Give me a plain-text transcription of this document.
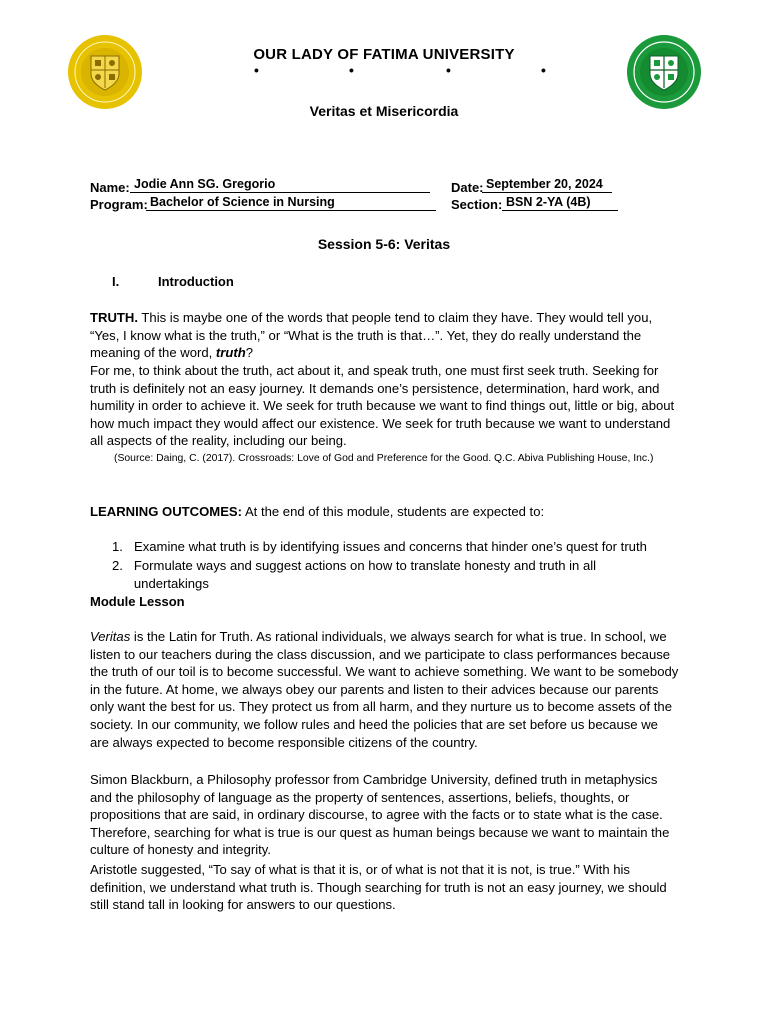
OUR LADY OF FATIMA UNIVERSITY
•	•	•	•
Veritas et Misericordia
Name: Jodie Ann SG. Gregorio	Date: September 20, 2024
Program: Bachelor of Science in Nursing	Section: BSN 2-YA (4B)
Session 5-6: Veritas
I.	Introduction
TRUTH. This is maybe one of the words that people tend to claim they have. They would tell you, “Yes, I know what is the truth,” or “What is the truth is that…”. Yet, they do really understand the meaning of the word, truth?
For me, to think about the truth, act about it, and speak truth, one must first seek truth. Seeking for truth is definitely not an easy journey. It demands one’s persistence, determination, hard work, and humility in order to achieve it. We seek for truth because we want to find things out, little or big, about how much impact they would affect our existence. We seek for truth because we want to understand all aspects of the reality, including our being.
(Source: Daing, C. (2017). Crossroads: Love of God and Preference for the Good. Q.C. Abiva Publishing House, Inc.)
LEARNING OUTCOMES: At the end of this module, students are expected to:
1. Examine what truth is by identifying issues and concerns that hinder one’s quest for truth
2. Formulate ways and suggest actions on how to translate honesty and truth in all undertakings
Module Lesson
Veritas is the Latin for Truth. As rational individuals, we always search for what is true. In school, we listen to our teachers during the class discussion, and we participate to class performances because the truth of our toil is to become successful. We want to achieve something. We want to be somebody in the future. At home, we always obey our parents and listen to their advices because our parents only want the best for us. They protect us from all harm, and they nurture us to become assets of the society. In our community, we follow rules and heed the policies that are set before us because we are always expected to become responsible citizens of the country.
Simon Blackburn, a Philosophy professor from Cambridge University, defined truth in metaphysics and the philosophy of language as the property of sentences, assertions, beliefs, thoughts, or propositions that are said, in ordinary discourse, to agree with the facts or to state what is the case. Therefore, searching for what is true is our quest as human beings because we want to maintain the culture of honesty and integrity.
Aristotle suggested, “To say of what is that it is, or of what is not that it is not, is true.” With his definition, we understand what truth is. Though searching for truth is not an easy journey, we should still stand tall in looking for answers to our questions.
